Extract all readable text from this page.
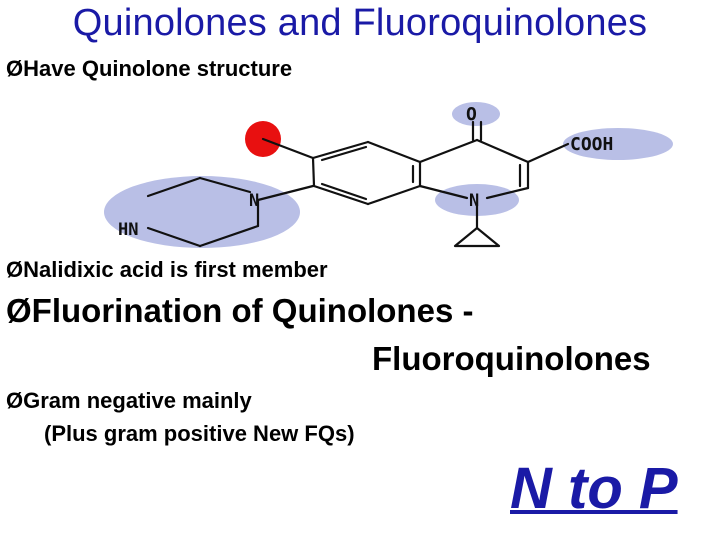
Quinolones and Fluoroquinolones
ØHave Quinolone structure
O
COOH
N
N
HN
ØNalidixic acid is first member
ØFluorination of Quinolones -
Fluoroquinolones
ØGram negative mainly
(Plus gram positive New FQs)
N to P
